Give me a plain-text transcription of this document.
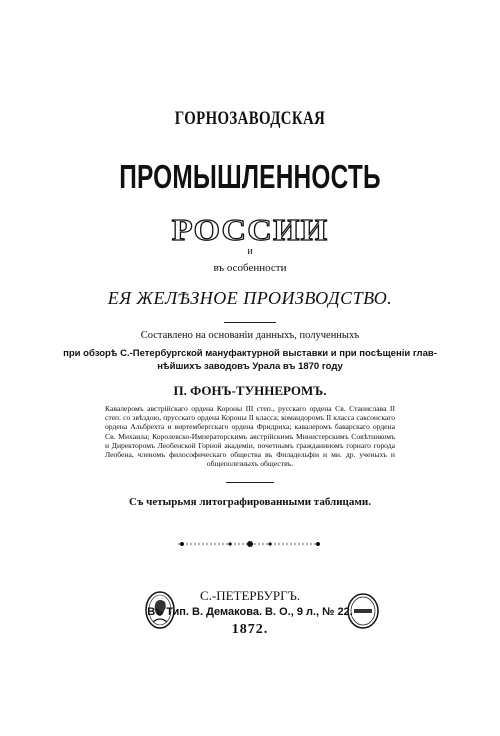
ГОРНОЗАВОДСКАЯ
ПРОМЫШЛЕННОСТЬ
РОССИИ
и
въ особенности
ЕЯ ЖЕЛѢЗНОЕ ПРОИЗВОДСТВО.
Составлено на основаніи данныхъ, полученныхъ
при обзорѣ С.-Петербургской мануфактурной выставки и при посѣщеніи глав-
нѣйшихъ заводовъ Урала въ 1870 году
П. ФОНЪ-ТУННЕРОМЪ.
Кавалеромъ австрійскаго ордена Короны III степ., русскаго ордена Св. Станислава II степ. со звѣздою, прусскаго ордена Короны II класса; командоромъ II класса саксонскаго ордена Альбрехта и виртембергскаго ордена Фридриха; кавалеромъ баварскаго ордена Св. Михаила; Королевско-Императорскимъ австрійскимъ Министерскимъ Совѣтникомъ и Директоромъ Леобенской Горной академіи, почетнымъ гражданиномъ горнаго города Леобена, членомъ философическаго общества въ Филадельфіи и мн. др. ученыхъ и общеполезныхъ обществъ.
Съ четырьмя литографированными таблицами.
С.-ПЕТЕРБУРГЪ.
Въ Тип. В. Демакова. В. О., 9 л., № 22.
1872.
